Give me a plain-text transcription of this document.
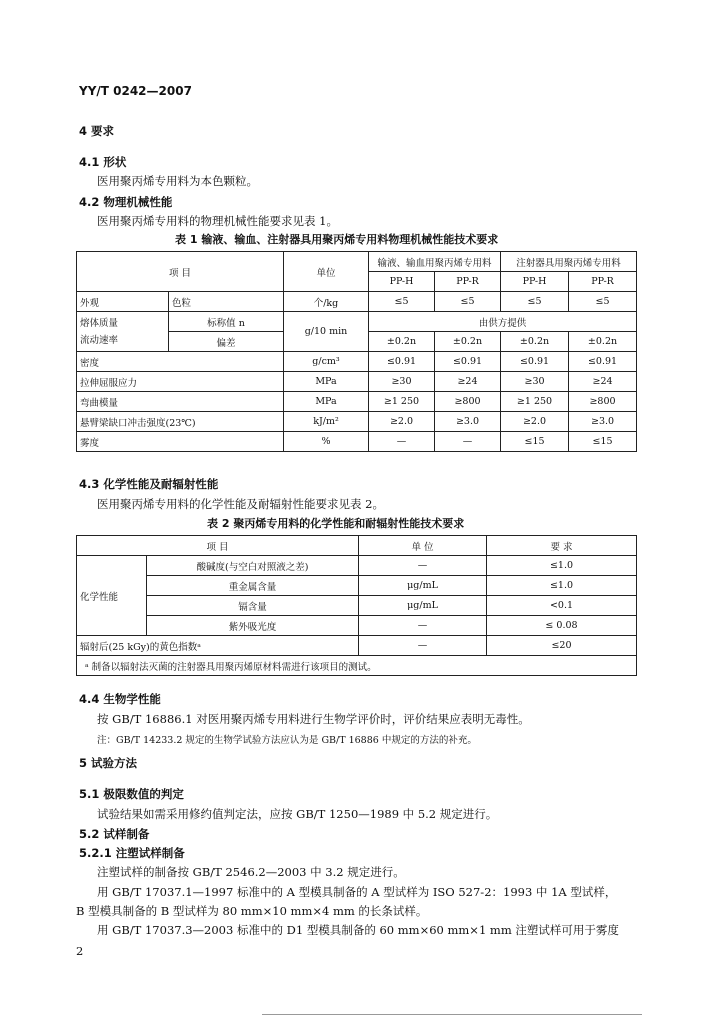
YY/T 0242—2007
4 要求
4.1 形状
医用聚丙烯专用料为本色颗粒。
4.2 物理机械性能
医用聚丙烯专用料的物理机械性能要求见表 1。
表 1 输液、输血、注射器具用聚丙烯专用料物理机械性能技术要求
项 目		单位	输液、输血用聚丙烯专用料		注射器具用聚丙烯专用料	
			PP-H	PP-R	PP-H	PP-R
外观	色粒	个/kg	≤5	≤5	≤5	≤5

熔体质量
流动速率	标称值 n	g/10 min	由供方提供			
	偏差		±0.2n	±0.2n	±0.2n	±0.2n
密度		g/cm³	≤0.91	≤0.91	≤0.91	≤0.91
拉伸屈服应力		MPa	≥30	≥24	≥30	≥24
弯曲模量		MPa	≥1 250	≥800	≥1 250	≥800
悬臂梁缺口冲击强度(23℃)		kJ/m²	≥2.0	≥3.0	≥2.0	≥3.0
雾度		%	—	—	≤15	≤15
4.3 化学性能及耐辐射性能
医用聚丙烯专用料的化学性能及耐辐射性能要求见表 2。
表 2 聚丙烯专用料的化学性能和耐辐射性能技术要求
项 目		单 位	要 求
化学性能	酸碱度(与空白对照液之差)	—	≤1.0
	重金属含量	μg/mL	≤1.0
	镉含量	μg/mL	<0.1
	紫外吸光度	—	≤ 0.08
辐射后(25 kGy)的黄色指数ᵃ		—	≤20
ᵃ 制备以辐射法灭菌的注射器具用聚丙烯原材料需进行该项目的测试。			
4.4 生物学性能
按 GB/T 16886.1 对医用聚丙烯专用料进行生物学评价时，评价结果应表明无毒性。
注：GB/T 14233.2 规定的生物学试验方法应认为是 GB/T 16886 中规定的方法的补充。
5 试验方法
5.1 极限数值的判定
试验结果如需采用修约值判定法，应按 GB/T 1250—1989 中 5.2 规定进行。
5.2 试样制备
5.2.1 注塑试样制备
注塑试样的制备按 GB/T 2546.2—2003 中 3.2 规定进行。
用 GB/T 17037.1—1997 标准中的 A 型模具制备的 A 型试样为 ISO 527-2：1993 中 1A 型试样，
B 型模具制备的 B 型试样为 80 mm×10 mm×4 mm 的长条试样。
用 GB/T 17037.3—2003 标准中的 D1 型模具制备的 60 mm×60 mm×1 mm 注塑试样可用于雾度
2
